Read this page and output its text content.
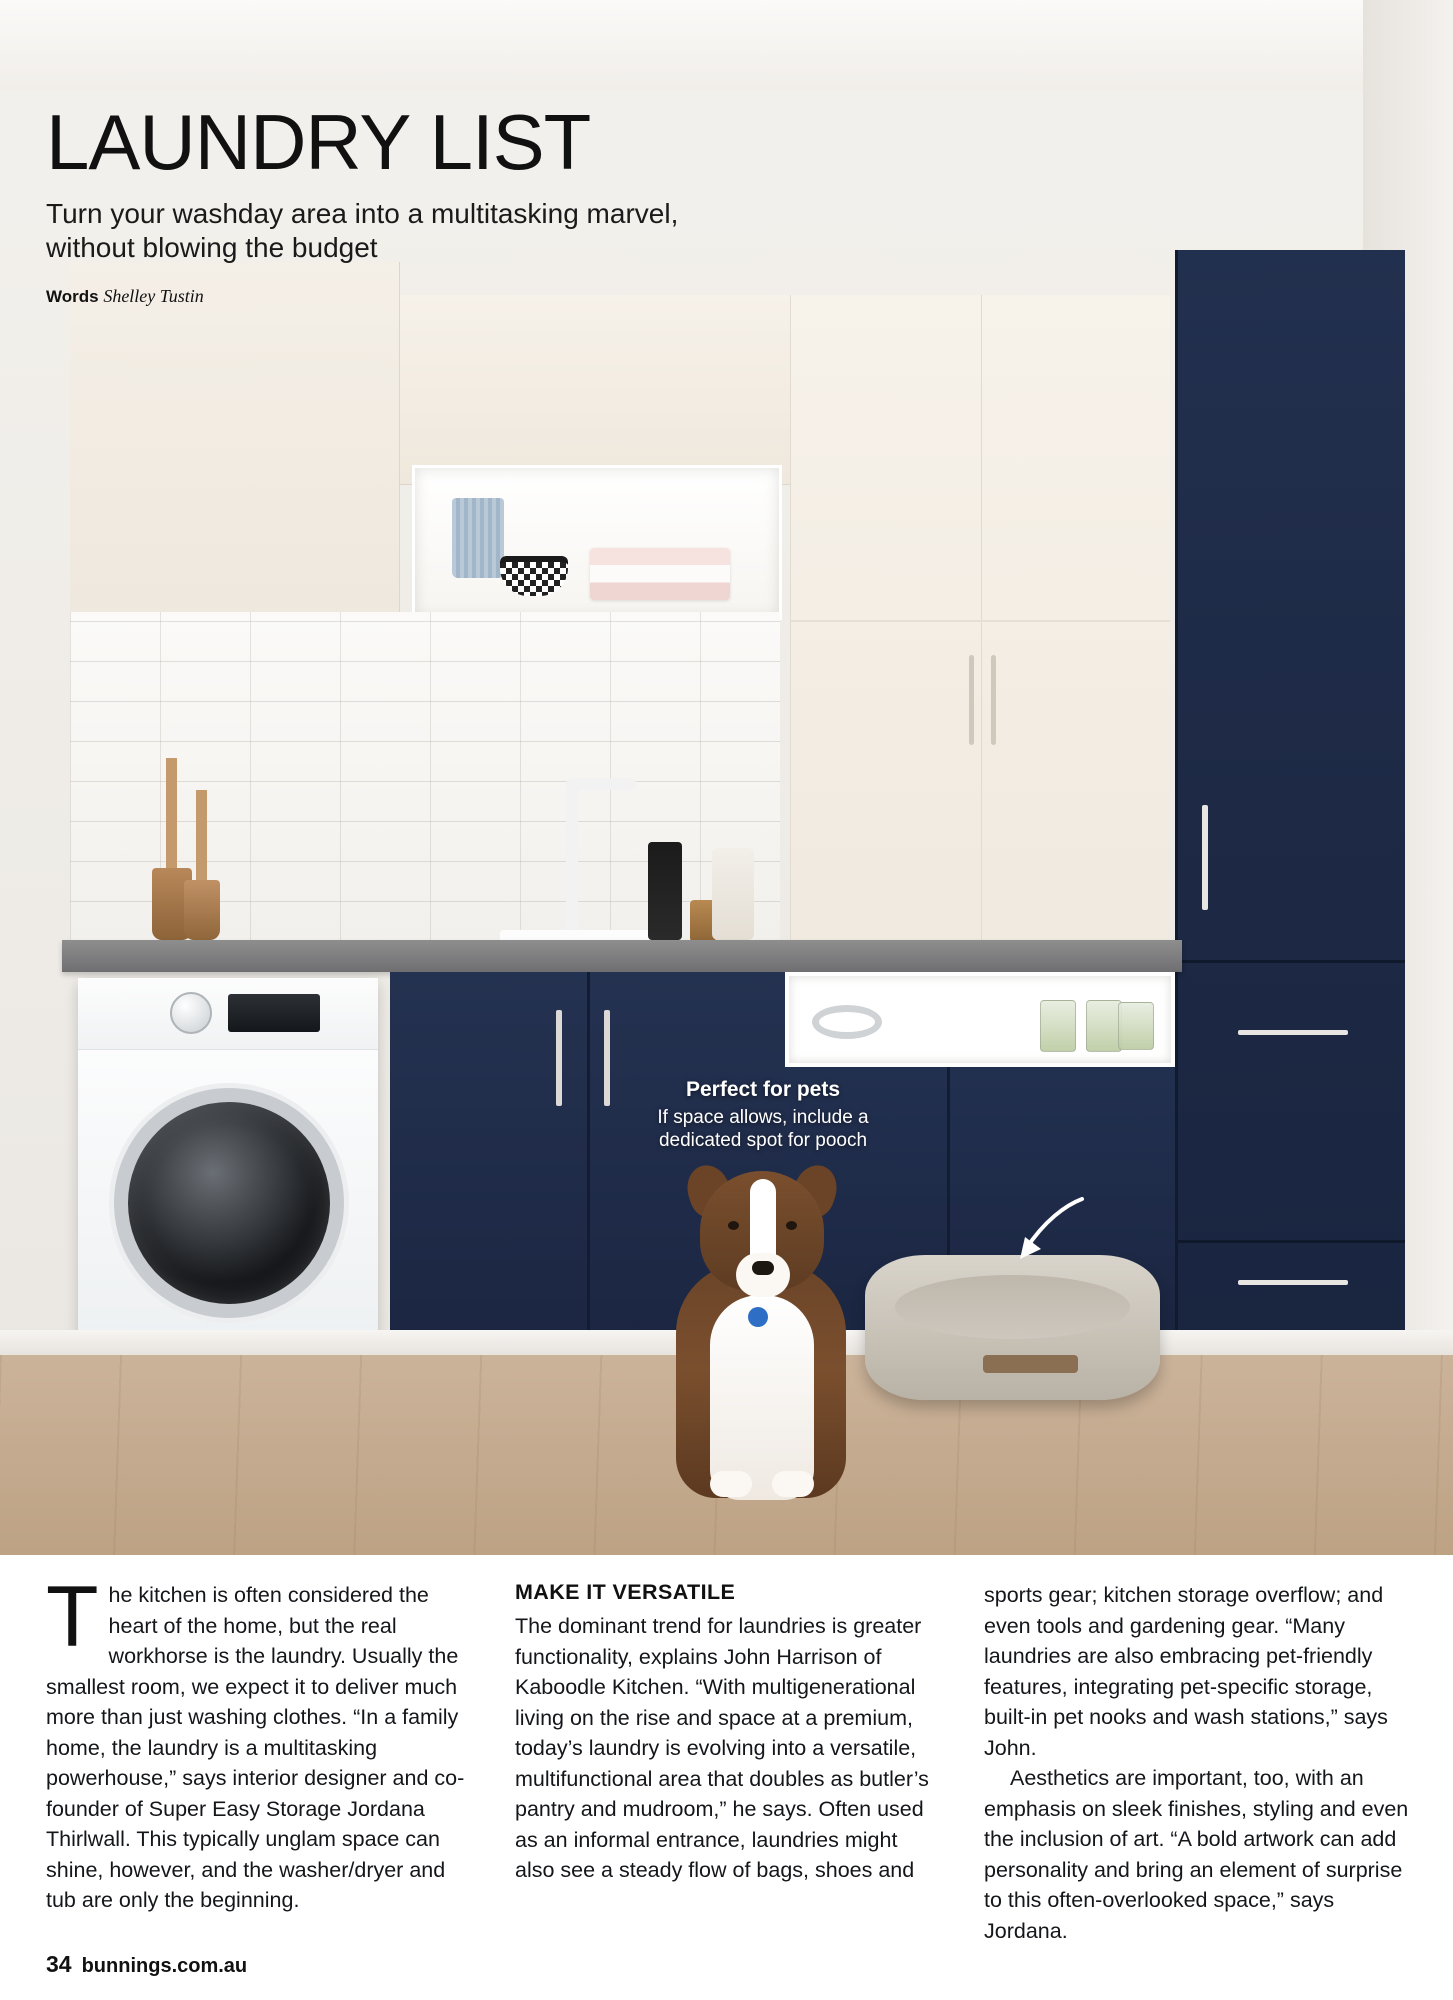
LAUNDRY LIST
Turn your washday area into a multitasking marvel, without blowing the budget
Words Shelley Tustin
Perfect for pets
If space allows, include a dedicated spot for pooch

The kitchen is often considered the heart of the home, but the real workhorse is the laundry. Usually the smallest room, we expect it to deliver much more than just washing clothes. “In a family home, the laundry is a multitasking powerhouse,” says interior designer and co-founder of Super Easy Storage Jordana Thirlwall. This typically unglam space can shine, however, and the washer/dryer and tub are only the beginning.

MAKE IT VERSATILE

The dominant trend for laundries is greater functionality, explains John Harrison of Kaboodle Kitchen. “With multigenerational living on the rise and space at a premium, today’s laundry is evolving into a versatile, multifunctional area that doubles as butler’s pantry and mudroom,” he says. Often used as an informal entrance, laundries might also see a steady flow of bags, shoes and

sports gear; kitchen storage overflow; and even tools and gardening gear. “Many laundries are also embracing pet-friendly features, integrating pet-specific storage, built-in pet nooks and wash stations,” says John.

Aesthetics are important, too, with an emphasis on sleek finishes, styling and even the inclusion of art. “A bold artwork can add personality and bring an element of surprise to this often-overlooked space,” says Jordana.

34 bunnings.com.au
